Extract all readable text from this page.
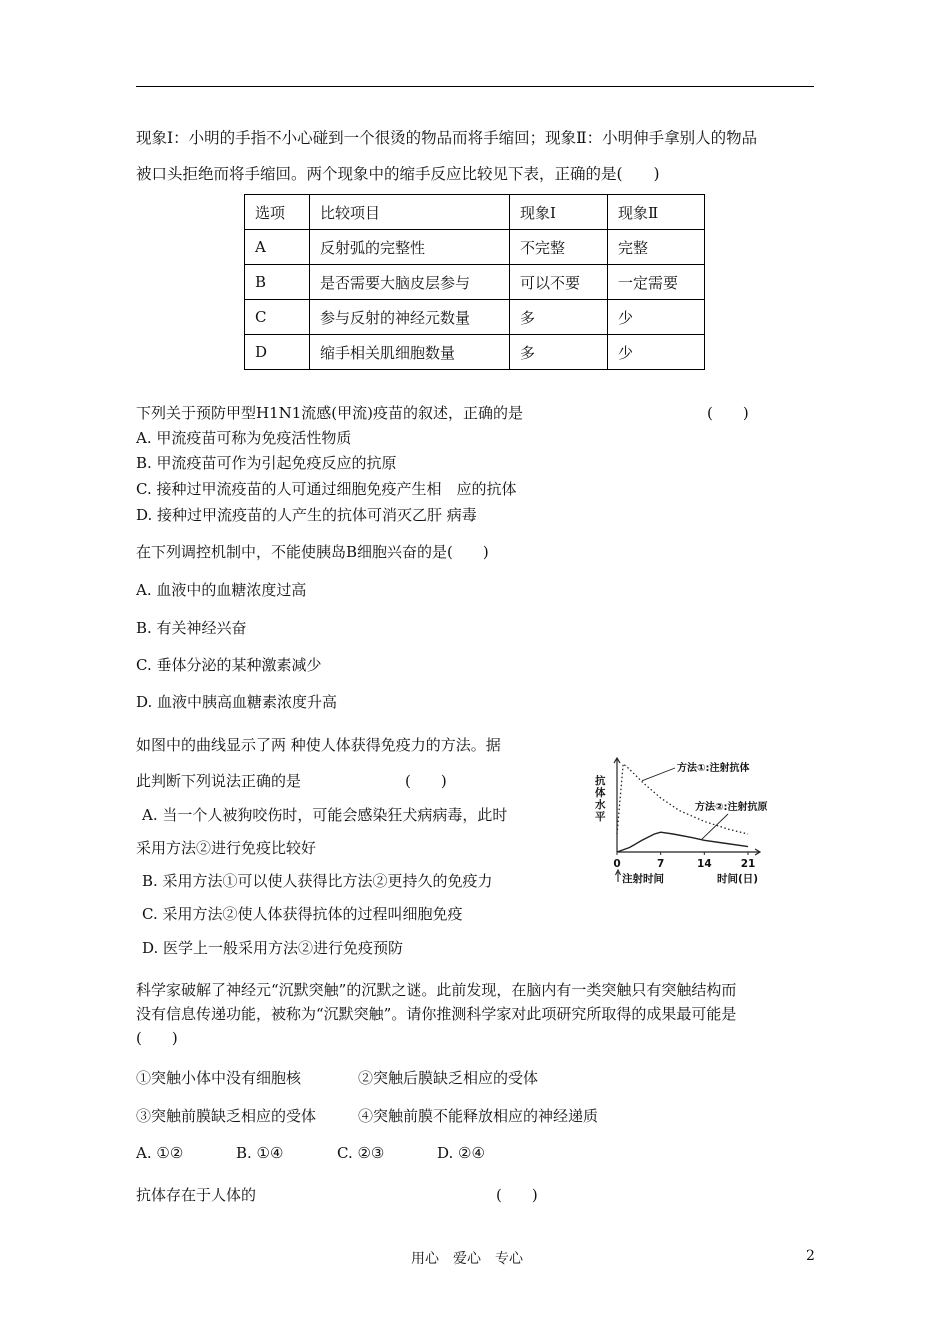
现象Ⅰ：小明的手指不小心碰到一个很烫的物品而将手缩回；现象Ⅱ：小明伸手拿别人的物品
被口头拒绝而将手缩回。两个现象中的缩手反应比较见下表，正确的是(　　)
选项	比较项目	现象Ⅰ	现象Ⅱ
A	反射弧的完整性	不完整	完整
B	是否需要大脑皮层参与	可以不要	一定需要
C	参与反射的神经元数量	多	少
D	缩手相关肌细胞数量	多	少
下列关于预防甲型H1N1流感(甲流)疫苗的叙述，正确的是	(　　)
A. 甲流疫苗可称为免疫活性物质
B. 甲流疫苗可作为引起免疫反应的抗原
C. 接种过甲流疫苗的人可通过细胞免疫产生相　应的抗体
D. 接种过甲流疫苗的人产生的抗体可消灭乙肝 病毒
在下列调控机制中，不能使胰岛B细胞兴奋的是(　　)
A. 血液中的血糖浓度过高
B. 有关神经兴奋
C. 垂体分泌的某种激素减少
D. 血液中胰高血糖素浓度升高
如图中的曲线显示了两 种使人体获得免疫力的方法。据
此判断下列说法正确的是	(　　)
A. 当一个人被狗咬伤时，可能会感染狂犬病病毒，此时
采用方法②进行免疫比较好
B. 采用方法①可以使人获得比方法②更持久的免疫力
C. 采用方法②使人体获得抗体的过程叫细胞免疫
D. 医学上一般采用方法②进行免疫预防
0	7	14	21
方法①:注射抗体
方法②:注射抗原
抗体水平
注射时间	时间(日)
科学家破解了神经元“沉默突触”的沉默之谜。此前发现，在脑内有一类突触只有突触结构而
没有信息传递功能，被称为“沉默突触”。请你推测科学家对此项研究所取得的成果最可能是
(　　)
①突触小体中没有细胞核	②突触后膜缺乏相应的受体
③突触前膜缺乏相应的受体	④突触前膜不能释放相应的神经递质
A. ①②	B. ①④	C. ②③	D. ②④
抗体存在于人体的	(　　)
用心　爱心　专心	2
